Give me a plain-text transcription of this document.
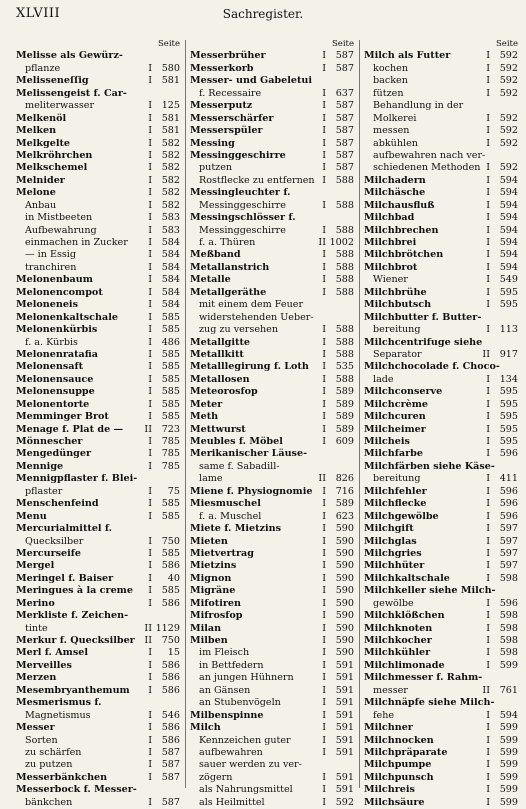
XLVIII	Sachregister.
Seite
Melisse als Gewürz-
pflanze	I 580
Melisseneſſig	I 581
Melissengeist f. Car-
meliterwasser	I 125
Melkenöl	I 581
Melken	I 581
Melkgelte	I 582
Melkröhrchen	I 582
Melkschemel	I 582
Melnider	I 582
Melone	I 582
Anbau	I 582
in Mistbeeten	I 583
Aufbewahrung	I 583
einmachen in Zucker	I 584
— in Essig	I 584
tranchiren	I 584
Melonenbaum	I 584
Melonencompot	I 584
Meloneneis	I 584
Melonenkaltschale	I 585
Melonenkürbis	I 585
f. a. Kürbis	I 486
Melonenratafia	I 585
Melonensaft	I 585
Melonensauce	I 585
Melonensuppe	I 585
Melonentorte	I 585
Memminger Brot	I 585
Menage f. Plat de —	II 723
Mönnescher	I 785
Mengedünger	I 785
Mennige	I 785
Mennigpflaster f. Blei-
pflaster	I 75
Menschenfeind	I 585
Menu	I 585
Mercurialmittel f.
Quecksilber	I 750
Mercurseife	I 585
Mergel	I 586
Meringel f. Baiser	I 40
Meringues à la creme	I 585
Merino	I 586
Merkliste f. Zeichen-
tinte	II 1129
Merkur f. Quecksilber	II 750
Merl f. Amsel	I 15
Merveilles	I 586
Merzen	I 586
Mesembryanthemum	I 586
Mesmerismus f.
Magnetismus	I 546
Messer	I 586
Sorten	I 586
zu schärfen	I 587
zu putzen	I 587
Messerbänkchen	I 587
Messerbock f. Messer-
bänkchen	I 587
Seite
Messerbrüher	I 587
Messerkorb	I 587
Messer- und Gabeletui
f. Recessaire	I 637
Messerputz	I 587
Messerschärfer	I 587
Messerspüler	I 587
Messing	I 587
Messinggeschirre	I 587
putzen	I 587
Rostflecke zu entfernen I 588
Messingleuchter f.
Messinggeschirre	I 588
Messingschlösser f.
Messinggeschirre	I 588
f. a. Thüren	II 1002
Meßband	I 588
Metallanstrich	I 588
Metalle	I 588
Metallgeräthe	I 588
mit einem dem Feuer
widerstehenden Ueber-
zug zu versehen	I 588
Metallgitte	I 588
Metallkitt	I 588
Metalllegirung f. Loth	I 535
Metallosen	I 588
Meteorosfop	I 589
Meter	I 589
Meth	I 589
Mettwurst	I 589
Meubles f. Möbel	I 609
Merikanischer Läuse-
same f. Sabadill-
lame	II 826
Miene f. Physiognomie	I 716
Miesmuschel	I 589
f. a. Muschel	I 623
Miete f. Mietzins	I 590
Mieten	I 590
Mietvertrag	I 590
Mietzins	I 590
Mignon	I 590
Migräne	I 590
Mifotiren	I 590
Mifrosfop	I 590
Milan	I 590
Milben	I 590
im Fleisch	I 590
in Bettfedern	I 591
an jungen Hühnern	I 591
an Gänsen	I 591
an Stubenvögeln	I 591
Milbenspinne	I 591
Milch	I 591
Kennzeichen guter	I 591
aufbewahren	I 591
sauer werden zu ver-
zögern	I 591
als Nahrungsmittel	I 591
als Heilmittel	I 592
Seite
Milch als Futter	I 592
kochen	I 592
backen	I 592
fützen	I 592
Behandlung in der
Molkerei	I 592
messen	I 592
abkühlen	I 592
aufbewahren nach ver-
schiedenen Methoden I 592
Milchadern	I 594
Milchäsche	I 594
Milchausfluß	I 594
Milchbad	I 594
Milchbrechen	I 594
Milchbrei	I 594
Milchbrötchen	I 594
Milchbrot	I 594
Wiener	I 549
Milchbrühe	I 595
Milchbutsch	I 595
Milchbutter f. Butter-
bereitung	I 113
Milchcentrifuge siehe
Separator	II 917
Milchchocolade f. Choco-
lade	I 134
Milchconserve	I 595
Milchcrème	I 595
Milchcuren	I 595
Milcheimer	I 595
Milcheis	I 595
Milchfarbe	I 596
Milchfärben siehe Käse-
bereitung	I 411
Milchfehler	I 596
Milchflecke	I 596
Milchgewölbe	I 596
Milchgift	I 597
Milchglas	I 597
Milchgries	I 597
Milchhüter	I 597
Milchkaltschale	I 598
Milchkeller siehe Milch-
gewölbe	I 596
Milchklößchen	I 598
Milchknoten	I 598
Milchkocher	I 598
Milchkühler	I 598
Milchlimonade	I 599
Milchmesser f. Rahm-
messer	II 761
Milchnäpfe siehe Milch-
fehe	I 594
Milchner	I 599
Milchnocken	I 599
Milchpräparate	I 599
Milchpumpe	I 599
Milchpunsch	I 599
Milchreis	I 599
Milchsäure	I 599
